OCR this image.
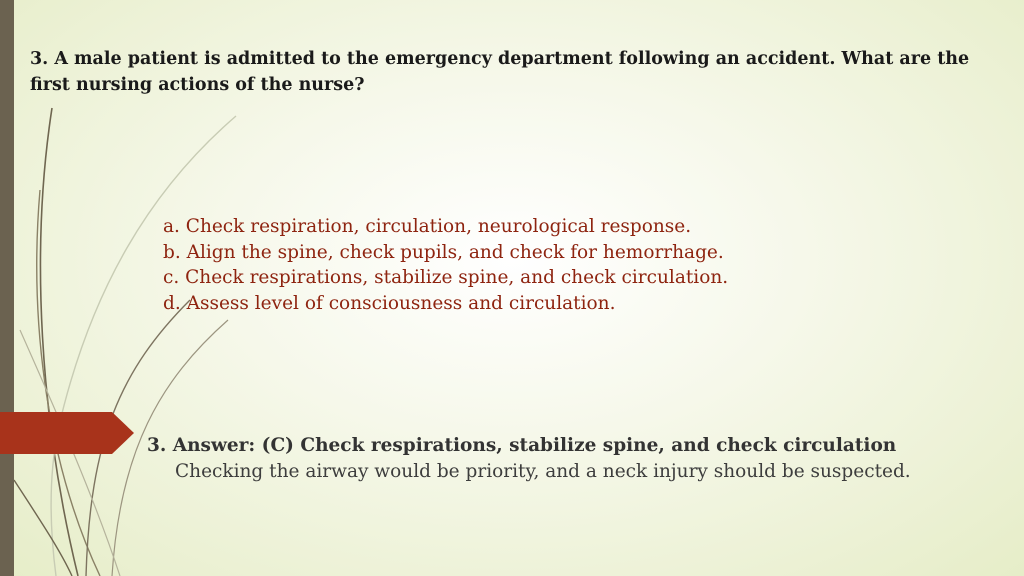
3. A male patient is admitted to the emergency department following an accident. What are the first nursing actions of the nurse?
a. Check respiration, circulation, neurological response.
b. Align the spine, check pupils, and check for hemorrhage.
c. Check respirations, stabilize spine, and check circulation.
d. Assess level of consciousness and circulation.
3. Answer: (C) Check respirations, stabilize spine, and check circulation
Checking the airway would be priority, and a neck injury should be suspected.
